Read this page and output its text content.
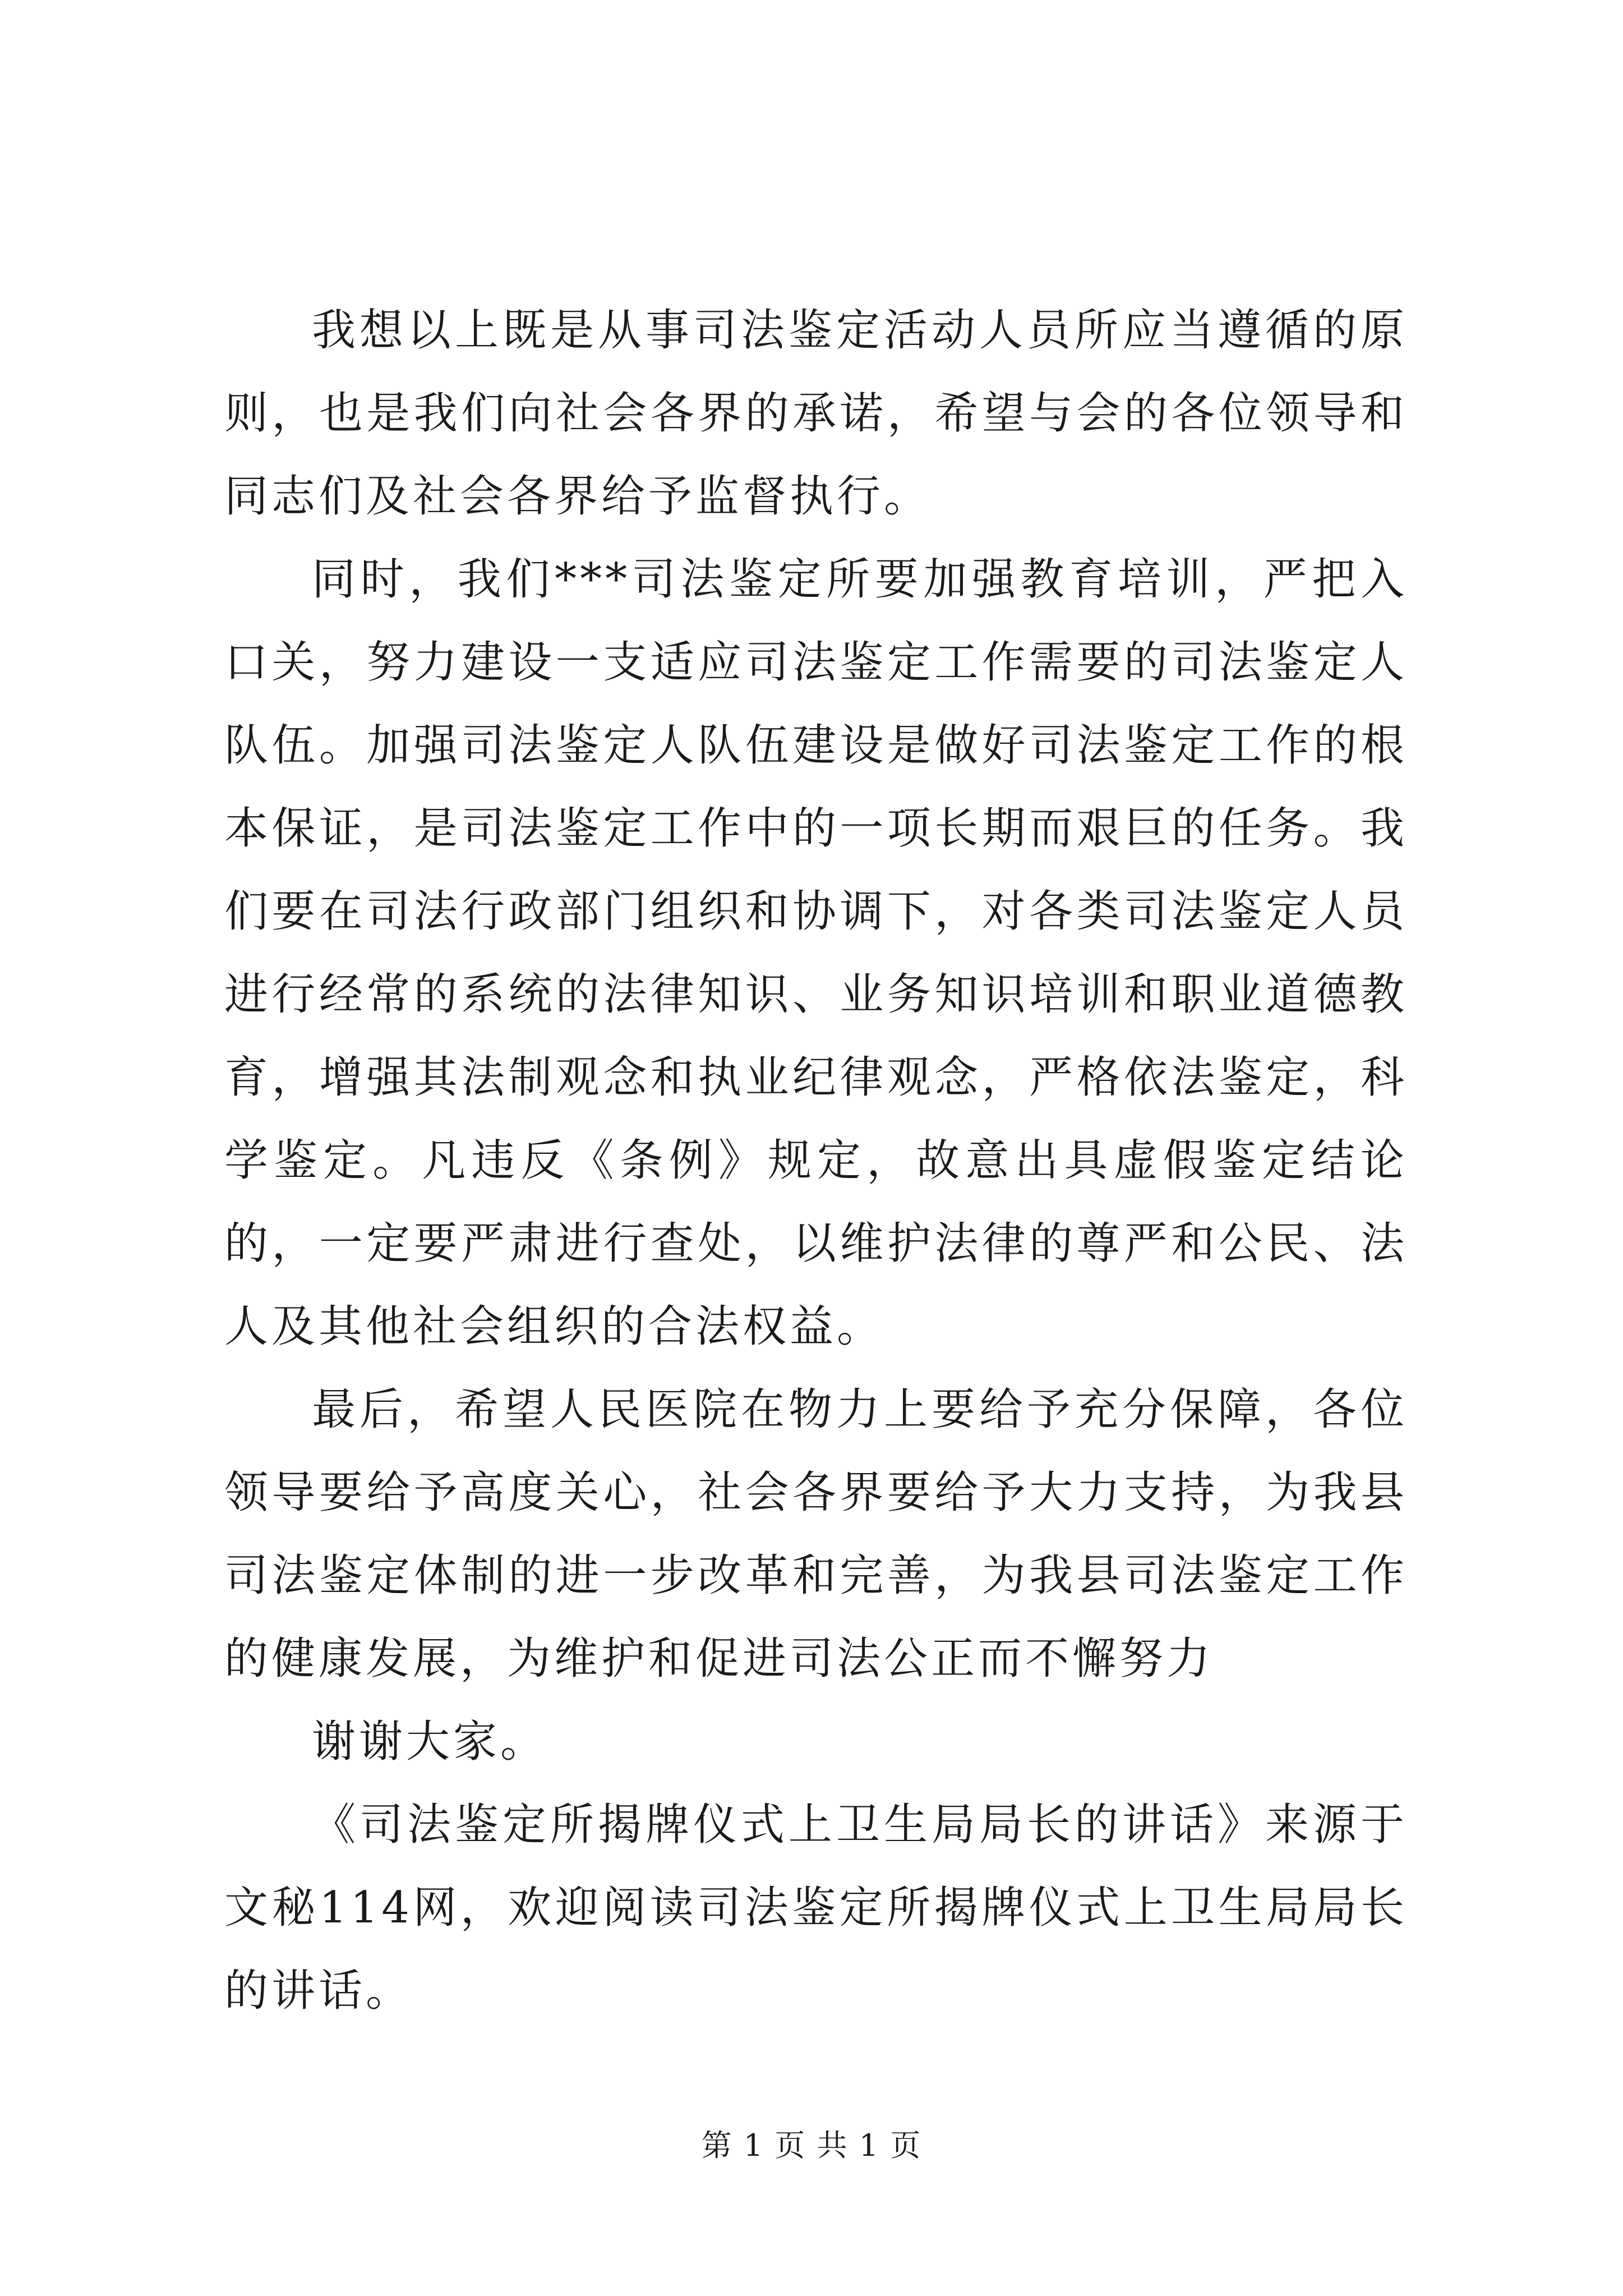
我想以上既是从事司法鉴定活动人员所应当遵循的原则，也是我们向社会各界的承诺，希望与会的各位领导和同志们及社会各界给予监督执行。

同时，我们***司法鉴定所要加强教育培训，严把入口关，努力建设一支适应司法鉴定工作需要的司法鉴定人队伍。加强司法鉴定人队伍建设是做好司法鉴定工作的根本保证，是司法鉴定工作中的一项长期而艰巨的任务。我们要在司法行政部门组织和协调下，对各类司法鉴定人员进行经常的系统的法律知识、业务知识培训和职业道德教育，增强其法制观念和执业纪律观念，严格依法鉴定，科学鉴定。凡违反《条例》规定，故意出具虚假鉴定结论的，一定要严肃进行查处，以维护法律的尊严和公民、法人及其他社会组织的合法权益。

最后，希望人民医院在物力上要给予充分保障，各位领导要给予高度关心，社会各界要给予大力支持，为我县司法鉴定体制的进一步改革和完善，为我县司法鉴定工作的健康发展，为维护和促进司法公正而不懈努力

谢谢大家。

《司法鉴定所揭牌仪式上卫生局局长的讲话》来源于文秘114网，欢迎阅读司法鉴定所揭牌仪式上卫生局局长的讲话。

第 1 页 共 1 页
